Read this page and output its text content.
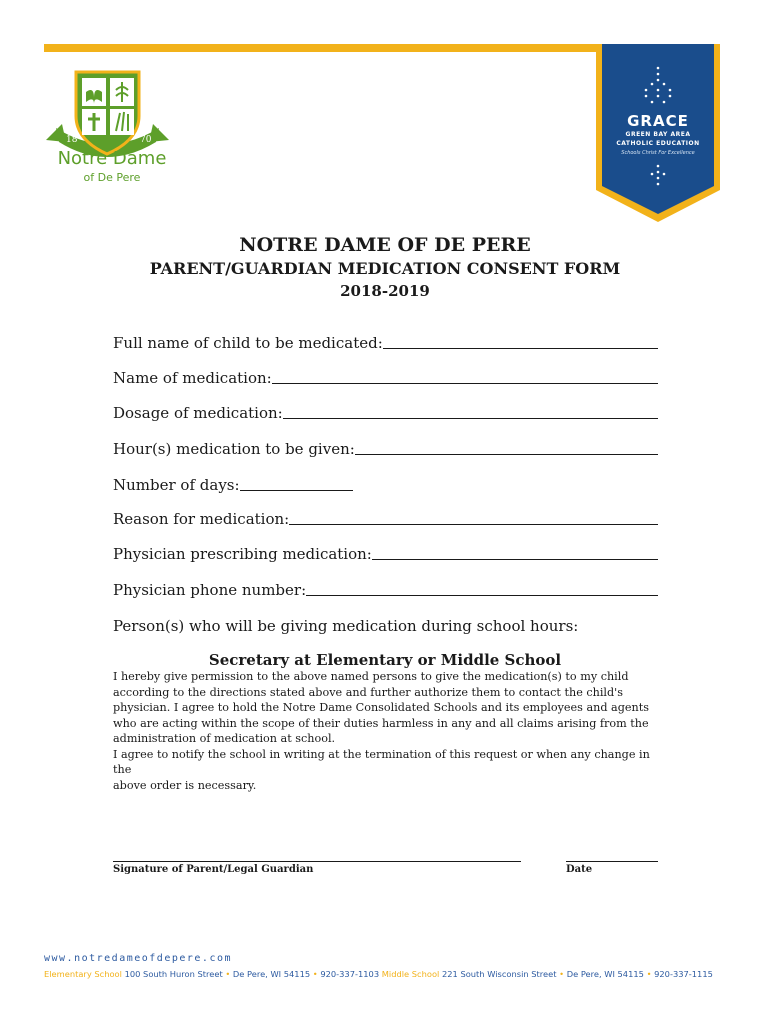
18	70
Notre Dame
of De Pere
GRACE
GREEN BAY AREA
CATHOLIC EDUCATION
Schools Christ For Excellence
NOTRE DAME OF DE PERE
PARENT/GUARDIAN MEDICATION CONSENT FORM
2018-2019
Full name of child to be medicated:
Name of medication:
Dosage of medication:
Hour(s) medication to be given:
Number of days:
Reason for medication:
Physician prescribing medication:
Physician phone number:
Person(s) who will be giving medication during school hours:
Secretary at Elementary or Middle School
I hereby give permission to the above named persons to give the medication(s) to my child
according to the directions stated above and further authorize them to contact the child's
physician. I agree to hold the Notre Dame Consolidated Schools and its employees and agents
who are acting within the scope of their duties harmless in any and all claims arising from the
administration of medication at school.
I agree to notify the school in writing at the termination of this request or when any change in the
above order is necessary.
Signature of Parent/Legal Guardian	Date
www.notredameofdepere.com
Elementary School 100 South Huron Street • De Pere, WI 54115 • 920-337-1103 Middle School 221 South Wisconsin Street • De Pere, WI 54115 • 920-337-1115
